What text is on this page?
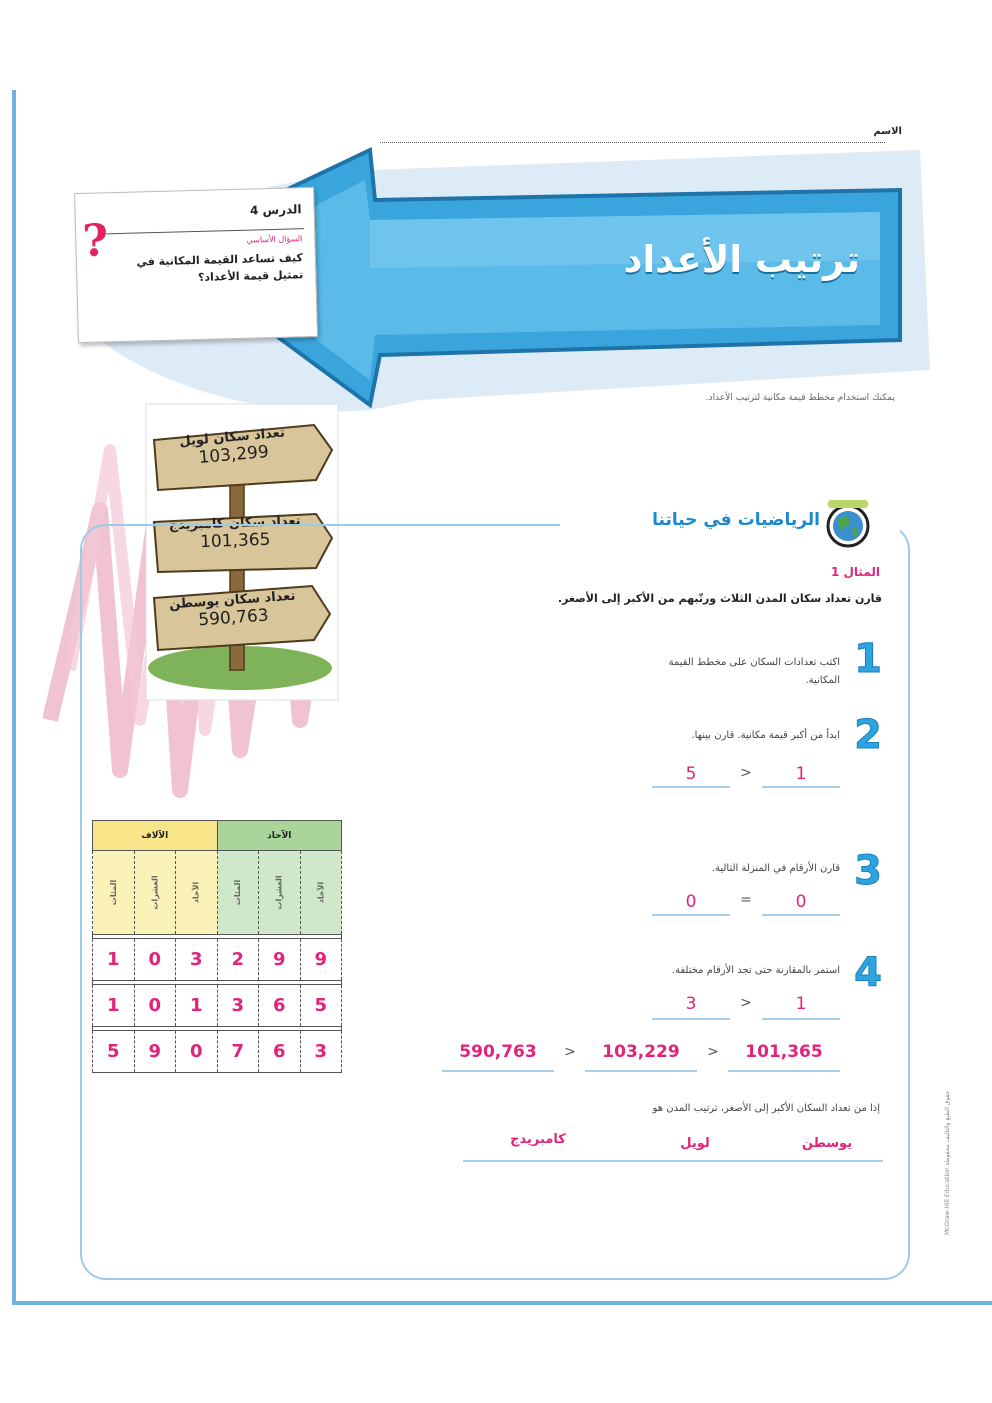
الاسم
ترتيب الأعداد
الدرس 4
السؤال الأساسي
كيف تساعد القيمة المكانية في تمثيل قيمة الأعداد؟
?
يمكنك استخدام مخطط قيمة مكانية لترتيب الأعداد.
تعداد سكان لويل
103,299
تعداد سكان كامبريدج
101,365
تعداد سكان يوسطن
590,763
الرياضيات في حياتنا
المثال 1
قارن تعداد سكان المدن الثلاث ورتّبهم من الأكبر إلى الأصغر.
1
اكتب تعدادات السكان على مخطط القيمة المكانية.
2
ابدأ من أكبر قيمة مكانية. قارن بينها.
5	>	1
3
قارن الأرقام في المنزلة التالية.
0	=	0
4
استمر بالمقارنة حتى تجد الأرقام مختلفة.
3	>	1
590,763	>	103,229	>	101,365
إذا من تعداد السكان الأكبر إلى الأصغر، ترتيب المدن هو
يوسطن
لويل
كامبريدج
الآلاف			الآحاد		
المئات	العشرات	الآحاد	المئات	العشرات	الآحاد

1	0	3	2	9	9

1	0	1	3	6	5

5	9	0	7	6	3
McGraw-Hill Education حقوق الطبع والتأليف محفوظة
